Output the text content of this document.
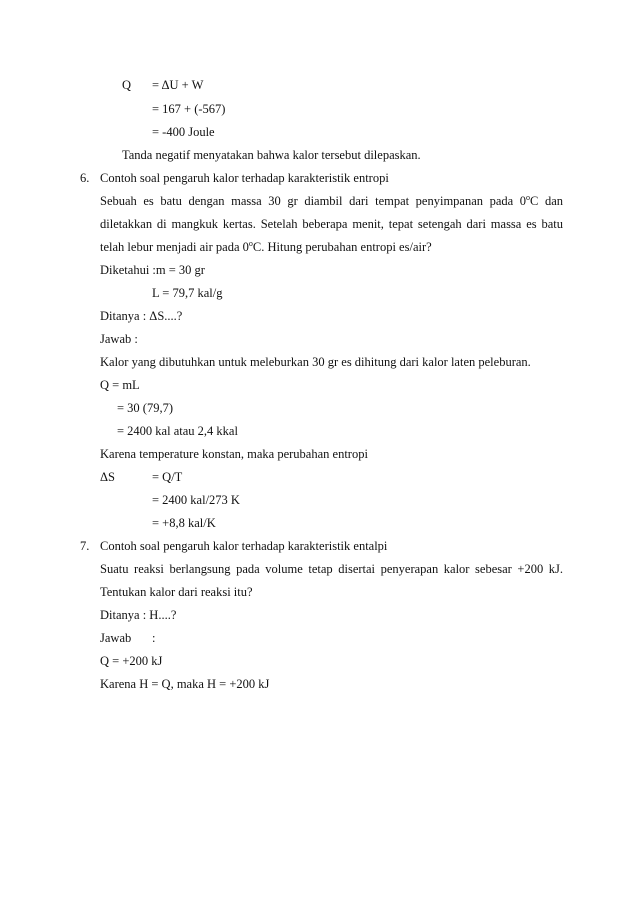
Q = ΔU + W
= 167 + (-567)
= -400 Joule
Tanda negatif menyatakan bahwa kalor tersebut dilepaskan.
6. Contoh soal pengaruh kalor terhadap karakteristik entropi
Sebuah es batu dengan massa 30 gr diambil dari tempat penyimpanan pada 0$^o$C dan
diletakkan di mangkuk kertas. Setelah beberapa menit, tepat setengah dari massa es batu
telah lebur menjadi air pada 0$^o$C. Hitung perubahan entropi es/air?
Diketahui :m = 30 gr
L = 79,7 kal/g
Ditanya : ΔS....?
Jawab :
Kalor yang dibutuhkan untuk meleburkan 30 gr es dihitung dari kalor laten peleburan.
Q = mL
= 30 (79,7)
= 2400 kal atau 2,4 kkal
Karena temperature konstan, maka perubahan entropi
ΔS	= Q/T
= 2400 kal/273 K
= +8,8 kal/K
7. Contoh soal pengaruh kalor terhadap karakteristik entalpi
Suatu reaksi berlangsung pada volume tetap disertai penyerapan kalor sebesar +200 kJ.
Tentukan kalor dari reaksi itu?
Ditanya : H....?
Jawab :
Q = +200 kJ
Karena H = Q, maka H = +200 kJ
